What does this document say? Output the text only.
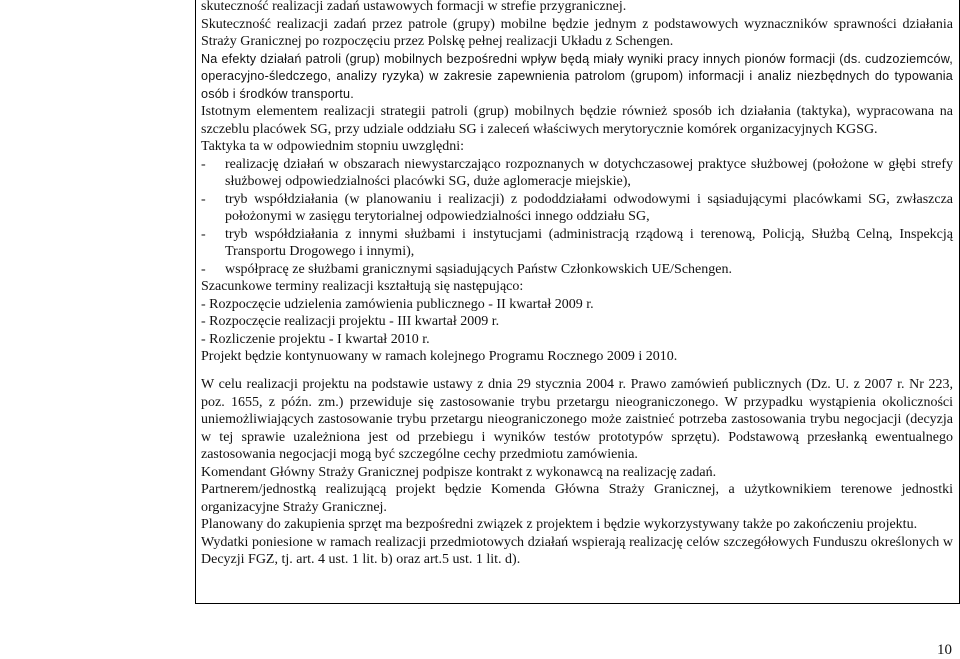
skuteczność realizacji zadań ustawowych formacji w strefie przygranicznej.

Skuteczność realizacji zadań przez patrole (grupy) mobilne będzie jednym z podstawowych wyznaczników sprawności działania Straży Granicznej po rozpoczęciu przez Polskę pełnej realizacji Układu z Schengen.

Na efekty działań patroli (grup) mobilnych bezpośredni wpływ będą miały wyniki pracy innych pionów formacji (ds. cudzoziemców, operacyjno-śledczego, analizy ryzyka) w zakresie zapewnienia patrolom (grupom) informacji i analiz niezbędnych do typowania osób i środków transportu.

Istotnym elementem realizacji strategii patroli (grup) mobilnych będzie również sposób ich działania (taktyka), wypracowana na szczeblu placówek SG, przy udziale oddziału SG i zaleceń właściwych merytorycznie komórek organizacyjnych KGSG.

Taktyka ta w odpowiednim stopniu uwzględni:

-	realizację działań w obszarach niewystarczająco rozpoznanych w dotychczasowej praktyce służbowej (położone w głębi strefy służbowej odpowiedzialności placówki SG, duże aglomeracje miejskie),
-	tryb współdziałania (w planowaniu i realizacji) z pododdziałami odwodowymi i sąsiadującymi placówkami SG, zwłaszcza położonymi w zasięgu terytorialnej odpowiedzialności innego oddziału SG,
-	tryb współdziałania z innymi służbami i instytucjami (administracją rządową i terenową, Policją, Służbą Celną, Inspekcją Transportu Drogowego i innymi),
-	współpracę ze służbami granicznymi sąsiadujących Państw Członkowskich UE/Schengen.

Szacunkowe terminy realizacji kształtują się następująco:

- Rozpoczęcie udzielenia zamówienia publicznego - II kwartał 2009 r.

- Rozpoczęcie realizacji projektu - III kwartał 2009 r.

- Rozliczenie projektu - I kwartał 2010 r.

Projekt będzie kontynuowany w ramach kolejnego Programu Rocznego 2009 i 2010.

W celu realizacji projektu na podstawie ustawy z dnia 29 stycznia 2004 r. Prawo zamówień publicznych (Dz. U. z 2007 r. Nr 223, poz. 1655, z późn. zm.) przewiduje się zastosowanie trybu przetargu nieograniczonego. W przypadku wystąpienia okoliczności uniemożliwiających zastosowanie trybu przetargu nieograniczonego może zaistnieć potrzeba zastosowania trybu negocjacji (decyzja w tej sprawie uzależniona jest od przebiegu i wyników testów prototypów sprzętu). Podstawową przesłanką ewentualnego zastosowania negocjacji mogą być szczególne cechy przedmiotu zamówienia.

Komendant Główny Straży Granicznej podpisze kontrakt z wykonawcą na realizację zadań.

Partnerem/jednostką realizującą projekt będzie Komenda Główna Straży Granicznej, a użytkownikiem terenowe jednostki organizacyjne Straży Granicznej.

Planowany do zakupienia sprzęt ma bezpośredni związek z projektem i będzie wykorzystywany także po zakończeniu projektu.

Wydatki poniesione w ramach realizacji przedmiotowych działań wspierają realizację celów szczegółowych Funduszu określonych w Decyzji FGZ, tj. art. 4 ust. 1 lit. b) oraz art.5 ust. 1 lit. d).

10
